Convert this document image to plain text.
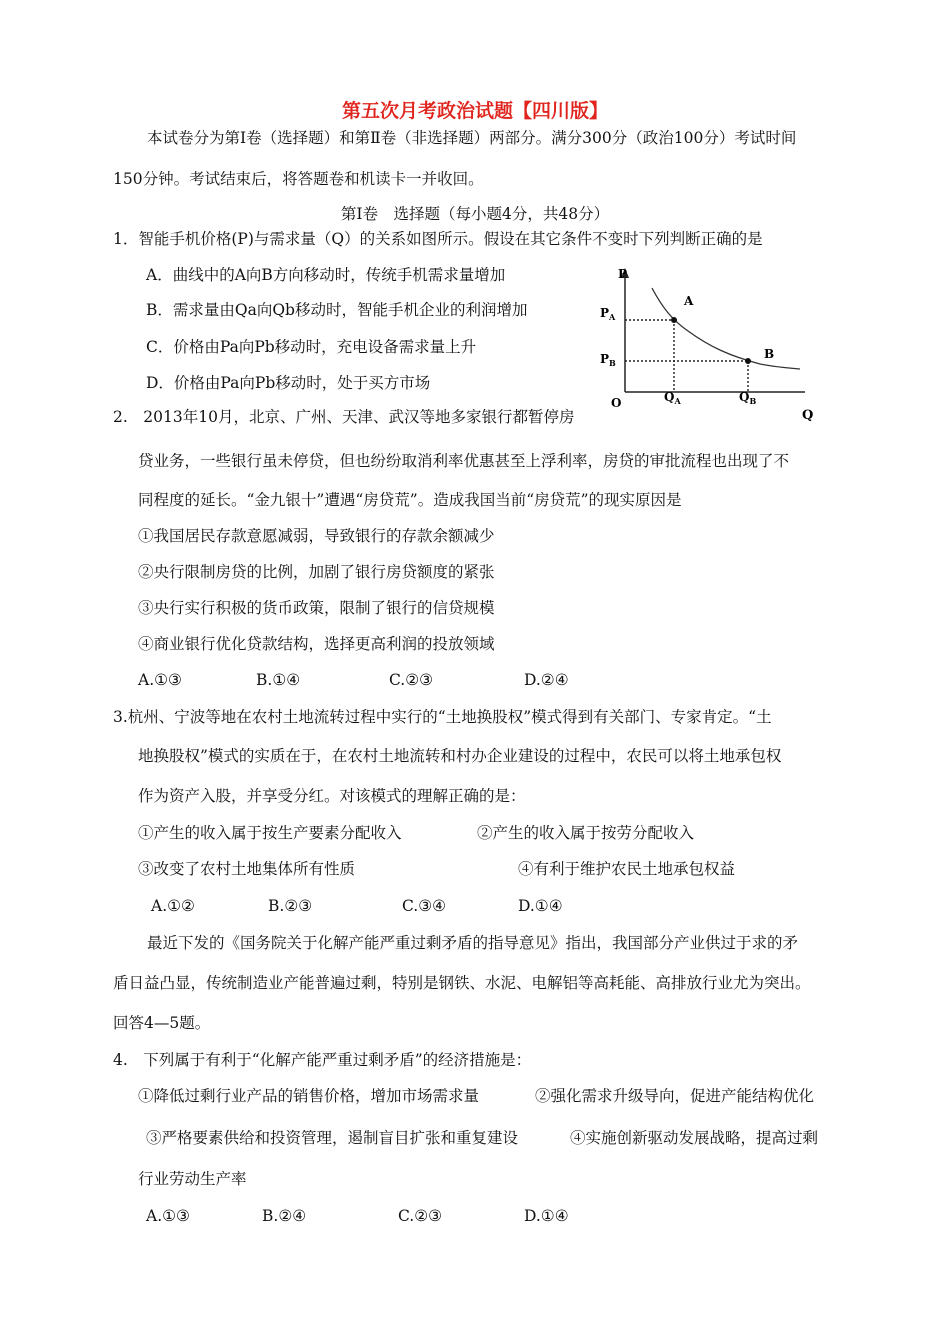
第五次月考政治试题【四川版】
本试卷分为第Ⅰ卷（选择题）和第Ⅱ卷（非选择题）两部分。满分300分（政治100分）考试时间
150分钟。考试结束后，将答题卷和机读卡一并收回。
第Ⅰ卷　选择题（每小题4分，共48分）
1．智能手机价格(P)与需求量（Q）的关系如图所示。假设在其它条件不变时下列判断正确的是
A．曲线中的A向B方向移动时，传统手机需求量增加
B．需求量由Qa向Qb移动时，智能手机企业的利润增加
C．价格由Pa向Pb移动时，充电设备需求量上升
D．价格由Pa向Pb移动时，处于买方市场
P
A
B
$P_A$
$P_B$
O	$Q_A$	$Q_B$
Q
2.　2013年10月，北京、广州、天津、武汉等地多家银行都暂停房
贷业务，一些银行虽未停贷，但也纷纷取消利率优惠甚至上浮利率，房贷的审批流程也出现了不
同程度的延长。“金九银十”遭遇“房贷荒”。造成我国当前“房贷荒”的现实原因是
①我国居民存款意愿减弱，导致银行的存款余额减少
②央行限制房贷的比例，加剧了银行房贷额度的紧张
③央行实行积极的货币政策，限制了银行的信贷规模
④商业银行优化贷款结构，选择更高利润的投放领域
A.①③	B.①④	C.②③	D.②④
3.杭州、宁波等地在农村土地流转过程中实行的“土地换股权”模式得到有关部门、专家肯定。“土
地换股权”模式的实质在于，在农村土地流转和村办企业建设的过程中，农民可以将土地承包权
作为资产入股，并享受分红。对该模式的理解正确的是：
①产生的收入属于按生产要素分配收入	②产生的收入属于按劳分配收入
③改变了农村土地集体所有性质	④有利于维护农民土地承包权益
A.①②	B.②③	C.③④	D.①④
最近下发的《国务院关于化解产能严重过剩矛盾的指导意见》指出，我国部分产业供过于求的矛
盾日益凸显，传统制造业产能普遍过剩，特别是钢铁、水泥、电解铝等高耗能、高排放行业尤为突出。
回答4—5题。
4.　下列属于有利于“化解产能严重过剩矛盾”的经济措施是：
①降低过剩行业产品的销售价格，增加市场需求量	②强化需求升级导向，促进产能结构优化
③严格要素供给和投资管理，遏制盲目扩张和重复建设	④实施创新驱动发展战略，提高过剩
行业劳动生产率
A.①③	B.②④	C.②③	D.①④
